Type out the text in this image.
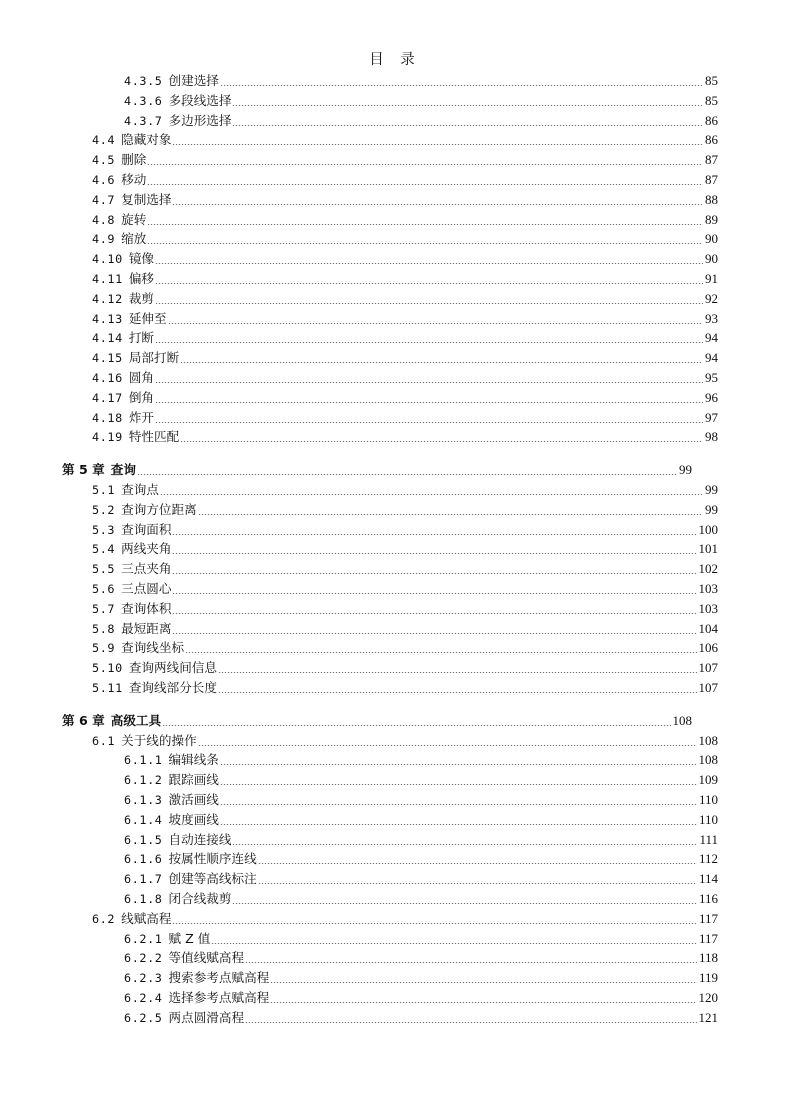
目 录
4.3.5 创建选择	85
4.3.6 多段线选择	85
4.3.7 多边形选择	86
4.4 隐藏对象	86
4.5 删除	87
4.6 移动	87
4.7 复制选择	88
4.8 旋转	89
4.9 缩放	90
4.10 镜像	90
4.11 偏移	91
4.12 裁剪	92
4.13 延伸至	93
4.14 打断	94
4.15 局部打断	94
4.16 圆角	95
4.17 倒角	96
4.18 炸开	97
4.19 特性匹配	98
第 5 章 查询	99
5.1 查询点	99
5.2 查询方位距离	99
5.3 查询面积	100
5.4 两线夹角	101
5.5 三点夹角	102
5.6 三点圆心	103
5.7 查询体积	103
5.8 最短距离	104
5.9 查询线坐标	106
5.10 查询两线间信息	107
5.11 查询线部分长度	107
第 6 章 高级工具	108
6.1 关于线的操作	108
6.1.1 编辑线条	108
6.1.2 跟踪画线	109
6.1.3 激活画线	110
6.1.4 坡度画线	110
6.1.5 自动连接线	111
6.1.6 按属性顺序连线	112
6.1.7 创建等高线标注	114
6.1.8 闭合线裁剪	116
6.2 线赋高程	117
6.2.1 赋 Z 值	117
6.2.2 等值线赋高程	118
6.2.3 搜索参考点赋高程	119
6.2.4 选择参考点赋高程	120
6.2.5 两点圆滑高程	121
